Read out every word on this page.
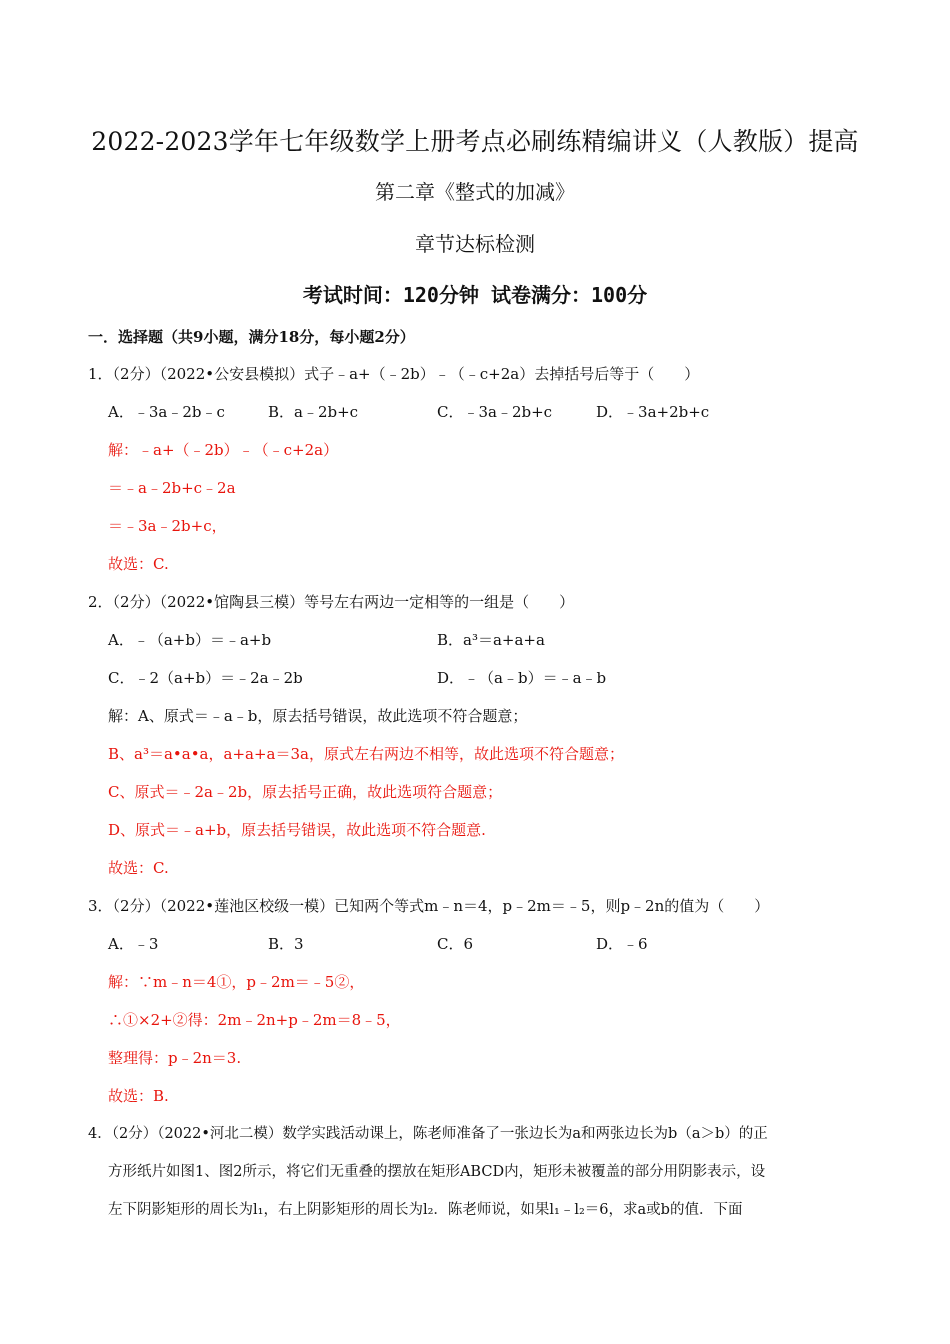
2022-2023学年七年级数学上册考点必刷练精编讲义（人教版）提高
第二章《整式的加减》
章节达标检测
考试时间：120分钟 试卷满分：100分
一．选择题（共9小题，满分18分，每小题2分）
1．（2分）（2022•公安县模拟）式子﹣a+（﹣2b）﹣（﹣c+2a）去掉括号后等于（　　）
A．﹣3a﹣2b﹣c	B．a﹣2b+c	C．﹣3a﹣2b+c	D．﹣3a+2b+c
解：﹣a+（﹣2b）﹣（﹣c+2a）
＝﹣a﹣2b+c﹣2a
＝﹣3a﹣2b+c，
故选：C.
2．（2分）（2022•馆陶县三模）等号左右两边一定相等的一组是（　　）
A．﹣（a+b）＝﹣a+b	B．a³＝a+a+a
C．﹣2（a+b）＝﹣2a﹣2b	D．﹣（a﹣b）＝﹣a﹣b
解：A、原式＝﹣a﹣b，原去括号错误，故此选项不符合题意；
B、a³＝a•a•a，a+a+a＝3a，原式左右两边不相等，故此选项不符合题意；
C、原式＝﹣2a﹣2b，原去括号正确，故此选项符合题意；
D、原式＝﹣a+b，原去括号错误，故此选项不符合题意.
故选：C.
3．（2分）（2022•莲池区校级一模）已知两个等式m﹣n＝4，p﹣2m＝﹣5，则p﹣2n的值为（　　）
A．﹣3	B．3	C．6	D．﹣6
解：∵m﹣n＝4①，p﹣2m＝﹣5②，
∴①×2+②得：2m﹣2n+p﹣2m＝8﹣5，
整理得：p﹣2n＝3.
故选：B.
4．（2分）（2022•河北二模）数学实践活动课上，陈老师准备了一张边长为a和两张边长为b（a＞b）的正
方形纸片如图1、图2所示，将它们无重叠的摆放在矩形ABCD内，矩形未被覆盖的部分用阴影表示，设
左下阴影矩形的周长为l₁，右上阴影矩形的周长为l₂．陈老师说，如果l₁﹣l₂＝6，求a或b的值．下面
